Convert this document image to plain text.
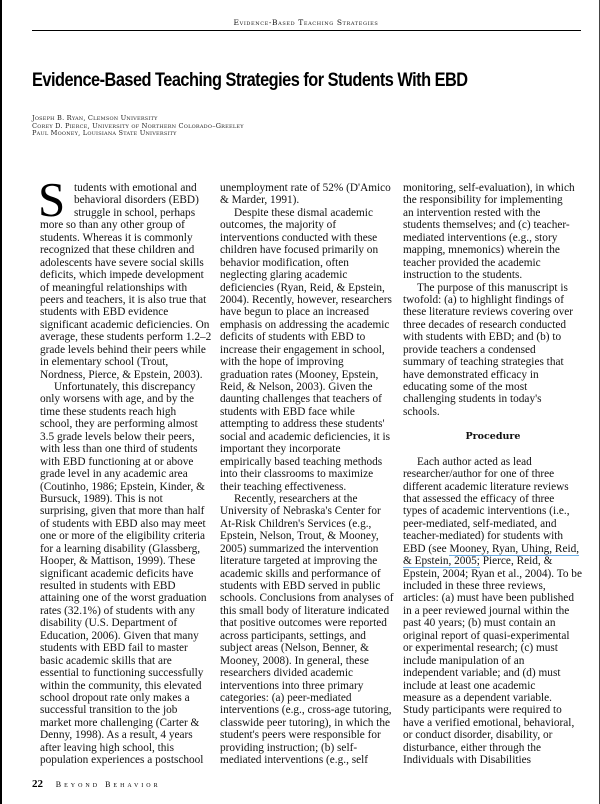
Evidence-Based Teaching Strategies
Evidence-Based Teaching Strategies for Students With EBD
Joseph B. Ryan, Clemson University
Corey D. Pierce, University of Northern Colorado–Greeley
Paul Mooney, Louisiana State University
S tudents with emotional and
behavioral disorders (EBD)
struggle in school, perhaps
more so than any other group of
students. Whereas it is commonly
recognized that these children and
adolescents have severe social skills
deficits, which impede development
of meaningful relationships with
peers and teachers, it is also true that
students with EBD evidence
significant academic deficiencies. On
average, these students perform 1.2–2
grade levels behind their peers while
in elementary school (Trout,
Nordness, Pierce, & Epstein, 2003).
Unfortunately, this discrepancy
only worsens with age, and by the
time these students reach high
school, they are performing almost
3.5 grade levels below their peers,
with less than one third of students
with EBD functioning at or above
grade level in any academic area
(Coutinho, 1986; Epstein, Kinder, &
Bursuck, 1989). This is not
surprising, given that more than half
of students with EBD also may meet
one or more of the eligibility criteria
for a learning disability (Glassberg,
Hooper, & Mattison, 1999). These
significant academic deficits have
resulted in students with EBD
attaining one of the worst graduation
rates (32.1%) of students with any
disability (U.S. Department of
Education, 2006). Given that many
students with EBD fail to master
basic academic skills that are
essential to functioning successfully
within the community, this elevated
school dropout rate only makes a
successful transition to the job
market more challenging (Carter &
Denny, 1998). As a result, 4 years
after leaving high school, this
population experiences a postschool
unemployment rate of 52% (D'Amico
& Marder, 1991).
Despite these dismal academic
outcomes, the majority of
interventions conducted with these
children have focused primarily on
behavior modification, often
neglecting glaring academic
deficiencies (Ryan, Reid, & Epstein,
2004). Recently, however, researchers
have begun to place an increased
emphasis on addressing the academic
deficits of students with EBD to
increase their engagement in school,
with the hope of improving
graduation rates (Mooney, Epstein,
Reid, & Nelson, 2003). Given the
daunting challenges that teachers of
students with EBD face while
attempting to address these students'
social and academic deficiencies, it is
important they incorporate
empirically based teaching methods
into their classrooms to maximize
their teaching effectiveness.
Recently, researchers at the
University of Nebraska's Center for
At-Risk Children's Services (e.g.,
Epstein, Nelson, Trout, & Mooney,
2005) summarized the intervention
literature targeted at improving the
academic skills and performance of
students with EBD served in public
schools. Conclusions from analyses of
this small body of literature indicated
that positive outcomes were reported
across participants, settings, and
subject areas (Nelson, Benner, &
Mooney, 2008). In general, these
researchers divided academic
interventions into three primary
categories: (a) peer-mediated
interventions (e.g., cross-age tutoring,
classwide peer tutoring), in which the
student's peers were responsible for
providing instruction; (b) self-
mediated interventions (e.g., self
monitoring, self-evaluation), in which
the responsibility for implementing
an intervention rested with the
students themselves; and (c) teacher-
mediated interventions (e.g., story
mapping, mnemonics) wherein the
teacher provided the academic
instruction to the students.
The purpose of this manuscript is
twofold: (a) to highlight findings of
these literature reviews covering over
three decades of research conducted
with students with EBD; and (b) to
provide teachers a condensed
summary of teaching strategies that
have demonstrated efficacy in
educating some of the most
challenging students in today's
schools.
Procedure
Each author acted as lead
researcher/author for one of three
different academic literature reviews
that assessed the efficacy of three
types of academic interventions (i.e.,
peer-mediated, self-mediated, and
teacher-mediated) for students with
EBD (see Mooney, Ryan, Uhing, Reid,
& Epstein, 2005; Pierce, Reid, &
Epstein, 2004; Ryan et al., 2004). To be
included in these three reviews,
articles: (a) must have been published
in a peer reviewed journal within the
past 40 years; (b) must contain an
original report of quasi-experimental
or experimental research; (c) must
include manipulation of an
independent variable; and (d) must
include at least one academic
measure as a dependent variable.
Study participants were required to
have a verified emotional, behavioral,
or conduct disorder, disability, or
disturbance, either through the
Individuals with Disabilities
22 Beyond Behavior
